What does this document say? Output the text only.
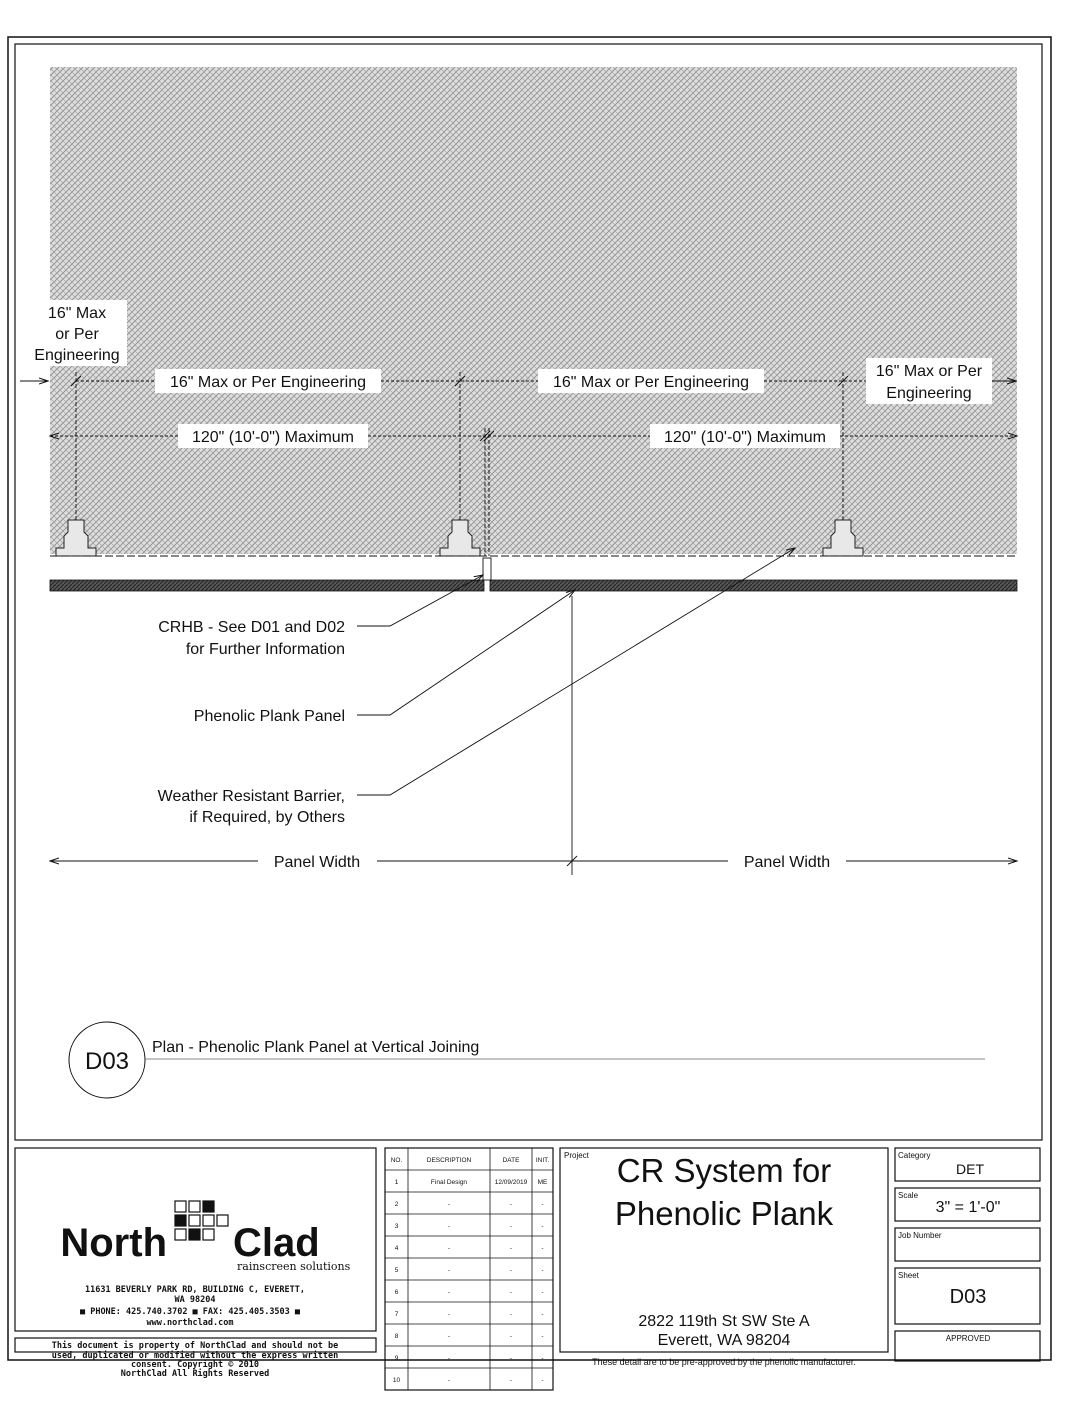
16" Max
or Per
Engineering
16" Max or Per
Engineering
16" Max or Per Engineering	16" Max or Per Engineering
120" (10'-0") Maximum	120" (10'-0") Maximum
CRHB - See D01 and D02
for Further Information
Phenolic Plank Panel
Weather Resistant Barrier,
if Required, by Others
Panel Width	Panel Width
D03
Plan - Phenolic Plank Panel at Vertical Joining
North Clad
rainscreen solutions
11631 BEVERLY PARK RD, BUILDING C, EVERETT,
WA 98204
■ PHONE: 425.740.3702 ■ FAX: 425.405.3503 ■
www.northclad.com
This document is property of NorthClad and should not be
used, duplicated or modified without the express written
consent. Copyright © 2010
NorthClad All Rights Reserved
NO.	DESCRIPTION	DATE	INIT.
1	Final Design	12/09/2019 ME
2	-	-	-
3	-	-	-
4	-	-	-
5	-	-	-
6	-	-	-
7	-	-	-
8	-	-	-
9	-	-	-
10	-	-	-
Project CR System for
Phenolic Plank
2822 119th St SW Ste A
Everett, WA 98204
These detail are to be pre-approved by the phenolic manufacturer.
Category
DET
Scale
3" = 1'-0"
Job Number
Sheet
D03
APPROVED
